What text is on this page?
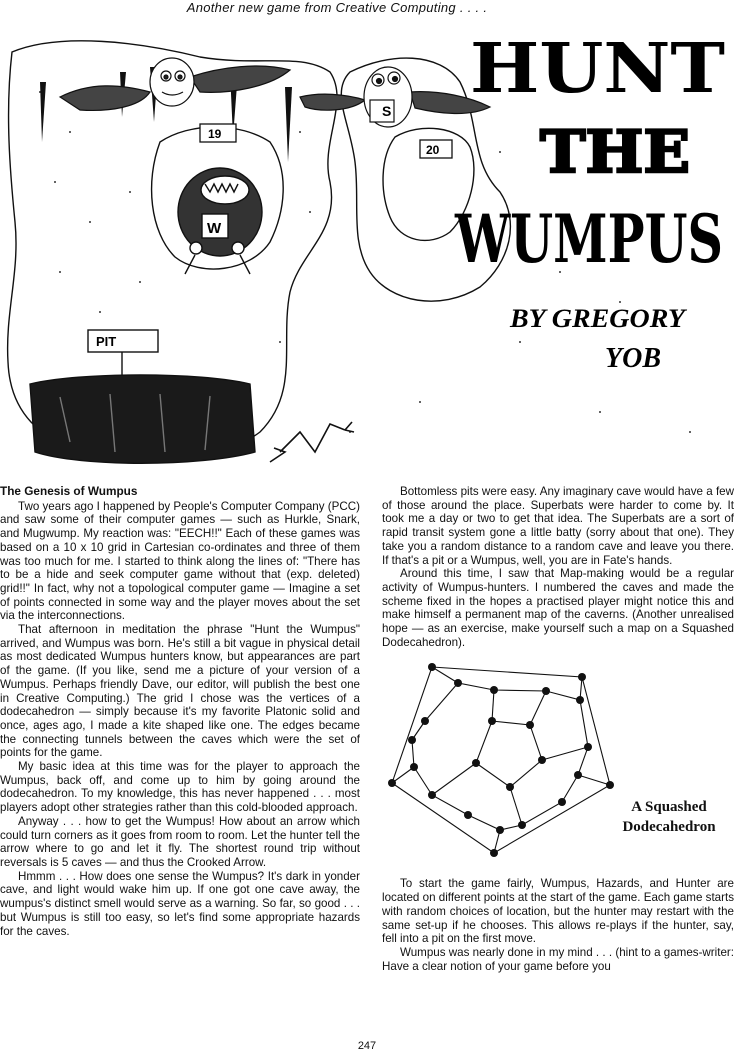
Another new game from Creative Computing . . . .
S
19
20
W
PIT
HUNT
THE
WUMPUS
BY GREGORY
YOB
The Genesis of Wumpus

Two years ago I happened by People's Computer Company (PCC) and saw some of their computer games — such as Hurkle, Snark, and Mugwump. My reaction was: "EECH!!" Each of these games was based on a 10 x 10 grid in Cartesian co-ordinates and three of them was too much for me. I started to think along the lines of: "There has to be a hide and seek computer game without that (exp. deleted) grid!!" In fact, why not a topological computer game — Imagine a set of points connected in some way and the player moves about the set via the interconnections.

That afternoon in meditation the phrase "Hunt the Wumpus" arrived, and Wumpus was born. He's still a bit vague in physical detail as most dedicated Wumpus hunters know, but appearances are part of the game. (If you like, send me a picture of your version of a Wumpus. Perhaps friendly Dave, our editor, will publish the best one in Creative Computing.) The grid I chose was the vertices of a dodecahedron — simply because it's my favorite Platonic solid and once, ages ago, I made a kite shaped like one. The edges became the connecting tunnels between the caves which were the set of points for the game.

My basic idea at this time was for the player to approach the Wumpus, back off, and come up to him by going around the dodecahedron. To my knowledge, this has never happened . . . most players adopt other strategies rather than this cold-blooded approach.

Anyway . . . how to get the Wumpus! How about an arrow which could turn corners as it goes from room to room. Let the hunter tell the arrow where to go and let it fly. The shortest round trip without reversals is 5 caves — and thus the Crooked Arrow.

Hmmm . . . How does one sense the Wumpus? It's dark in yonder cave, and light would wake him up. If one got one cave away, the wumpus's distinct smell would serve as a warning. So far, so good . . . but Wumpus is still too easy, so let's find some appropriate hazards for the caves.

Bottomless pits were easy. Any imaginary cave would have a few of those around the place. Superbats were harder to come by. It took me a day or two to get that idea. The Superbats are a sort of rapid transit system gone a little batty (sorry about that one). They take you a random distance to a random cave and leave you there. If that's a pit or a Wumpus, well, you are in Fate's hands.

Around this time, I saw that Map-making would be a regular activity of Wumpus-hunters. I numbered the caves and made the scheme fixed in the hopes a practised player might notice this and make himself a permanent map of the caverns. (Another unrealised hope — as an exercise, make yourself such a map on a Squashed Dodecahedron).

A Squashed
Dodecahedron

To start the game fairly, Wumpus, Hazards, and Hunter are located on different points at the start of the game. Each game starts with random choices of location, but the hunter may restart with the same set-up if he chooses. This allows re-plays if the hunter, say, fell into a pit on the first move.

Wumpus was nearly done in my mind . . . (hint to a games-writer: Have a clear notion of your game before you

247
